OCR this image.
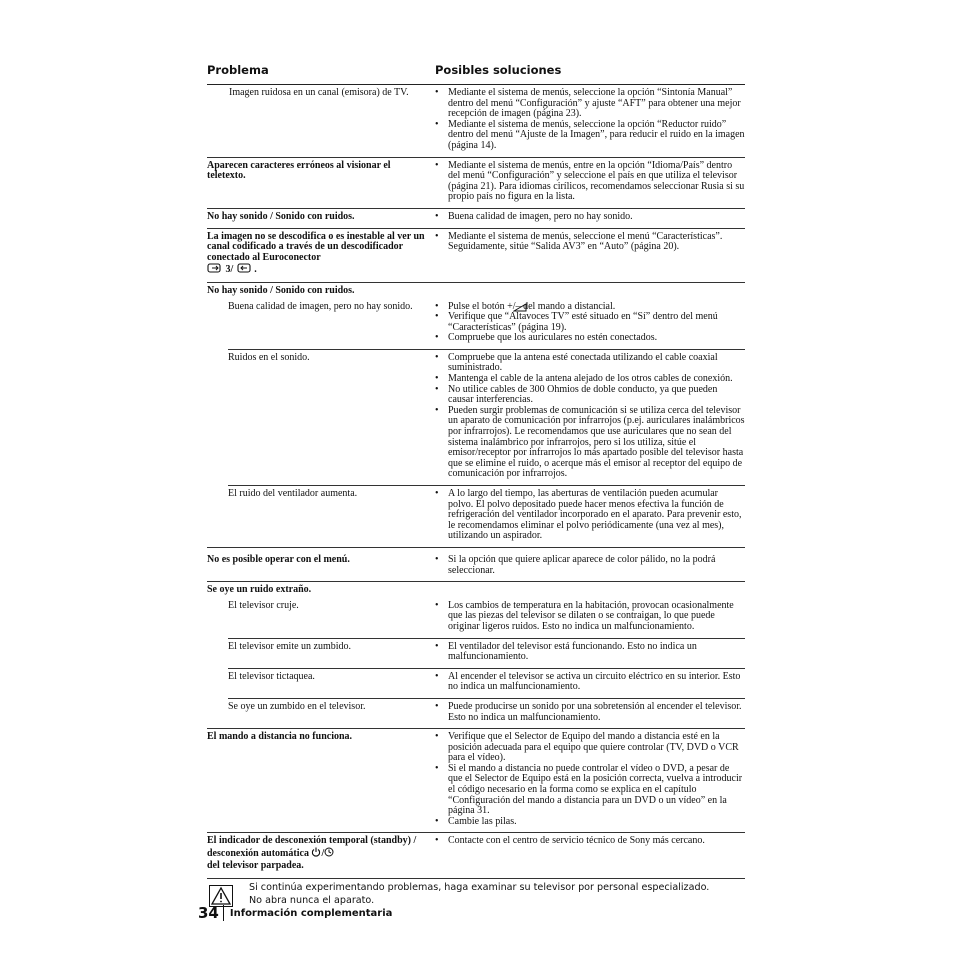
Problema	Posibles soluciones
Imagen ruidosa en un canal (emisora) de TV.	• Mediante el sistema de menús, seleccione la opción “Sintonía Manual” dentro del menú “Configuración” y ajuste “AFT” para obtener una mejor recepción de imagen (página 23).
• Mediante el sistema de menús, seleccione la opción “Reductor ruido” dentro del menú “Ajuste de la Imagen”, para reducir el ruido en la imagen (página 14).
Aparecen caracteres erróneos al visionar el teletexto.
• Mediante el sistema de menús, entre en la opción “Idioma/País” dentro del menú “Configuración” y seleccione el país en que utiliza el televisor (página 21). Para idiomas cirílicos, recomendamos seleccionar Rusia si su propio país no figura en la lista.
No hay sonido / Sonido con ruidos.	• Buena calidad de imagen, pero no hay sonido.
La imagen no se descodifica o es inestable al ver un canal codificado a través de un descodificador conectado al Euroconector
3/  .
• Mediante el sistema de menús, seleccione el menú “Características”. Seguidamente, sitúe “Salida AV3” en “Auto” (página 20).
No hay sonido / Sonido con ruidos.
Buena calidad de imagen, pero no hay sonido.	• Pulse el botón +/– del mando a distancial.
• Verifique que “Altavoces TV” esté situado en “Sí” dentro del menú “Características” (página 19).
• Compruebe que los auriculares no estén conectados.
Ruidos en el sonido.	• Compruebe que la antena esté conectada utilizando el cable coaxial suministrado.
• Mantenga el cable de la antena alejado de los otros cables de conexión.
• No utilice cables de 300 Ohmios de doble conducto, ya que pueden causar interferencias.
• Pueden surgir problemas de comunicación si se utiliza cerca del televisor un aparato de comunicación por infrarrojos (p.ej. auriculares inalámbricos por infrarrojos). Le recomendamos que use auriculares que no sean del sistema inalámbrico por infrarrojos, pero si los utiliza, sitúe el emisor/receptor por infrarrojos lo más apartado posible del televisor hasta que se elimine el ruido, o acerque más el emisor al receptor del equipo de comunicación por infrarrojos.
El ruido del ventilador aumenta.	• A lo largo del tiempo, las aberturas de ventilación pueden acumular polvo. El polvo depositado puede hacer menos efectiva la función de refrigeración del ventilador incorporado en el aparato. Para prevenir esto, le recomendamos eliminar el polvo periódicamente (una vez al mes), utilizando un aspirador.
No es posible operar con el menú.	• Si la opción que quiere aplicar aparece de color pálido, no la podrá seleccionar.
Se oye un ruido extraño.
El televisor cruje.	• Los cambios de temperatura en la habitación, provocan ocasionalmente que las piezas del televisor se dilaten o se contraigan, lo que puede originar ligeros ruidos. Esto no indica un malfuncionamiento.
El televisor emite un zumbido.	• El ventilador del televisor está funcionando. Esto no indica un malfuncionamiento.
El televisor tictaquea.	• Al encender el televisor se activa un circuito eléctrico en su interior. Esto no indica un malfuncionamiento.
Se oye un zumbido en el televisor.	• Puede producirse un sonido por una sobretensión al encender el televisor. Esto no indica un malfuncionamiento.
El mando a distancia no funciona.	• Verifique que el Selector de Equipo del mando a distancia esté en la posición adecuada para el equipo que quiere controlar (TV, DVD o VCR para el vídeo).
• Si el mando a distancia no puede controlar el vídeo o DVD, a pesar de que el Selector de Equipo está en la posición correcta, vuelva a introducir el código necesario en la forma como se explica en el capítulo “Configuración del mando a distancia para un DVD o un vídeo” en la página 31.
• Cambie las pilas.
El indicador de desconexión temporal (standby) / desconexión automática /
del televisor parpadea.
• Contacte con el centro de servicio técnico de Sony más cercano.
Si continúa experimentando problemas, haga examinar su televisor por personal especializado.
No abra nunca el aparato.
34	Información complementaria
